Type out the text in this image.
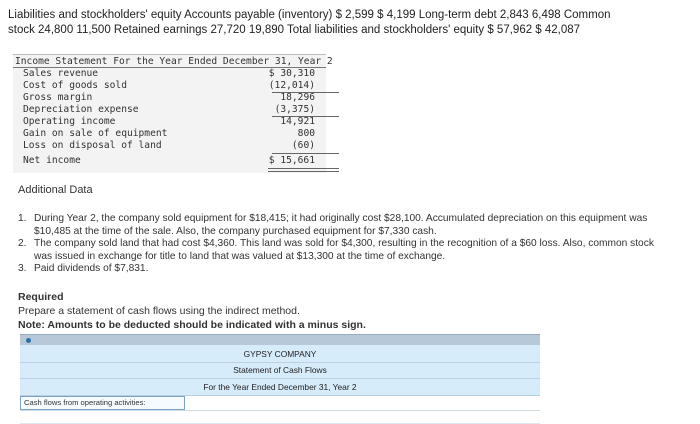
Liabilities and stockholders' equity Accounts payable (inventory) $ 2,599 $ 4,199 Long-term debt 2,843 6,498 Common
stock 24,800 11,500 Retained earnings 27,720 19,890 Total liabilities and stockholders' equity $ 57,962 $ 42,087
Income Statement For the Year Ended December 31, Year 2
Sales revenue	$ 30,310
Cost of goods sold	(12,014)
Gross margin	18,296
Depreciation expense	(3,375)
Operating income	14,921
Gain on sale of equipment	800
Loss on disposal of land	(60)
Net income	$ 15,661
Additional Data
1. During Year 2, the company sold equipment for $18,415; it had originally cost $28,100. Accumulated depreciation on this equipment was $10,485 at the time of the sale. Also, the company purchased equipment for $7,330 cash.
2. The company sold land that had cost $4,360. This land was sold for $4,300, resulting in the recognition of a $60 loss. Also, common stock was issued in exchange for title to land that was valued at $13,300 at the time of exchange.
3. Paid dividends of $7,831.
Required
Prepare a statement of cash flows using the indirect method.
Note: Amounts to be deducted should be indicated with a minus sign.
GYPSY COMPANY
Statement of Cash Flows
For the Year Ended December 31, Year 2
Cash flows from operating activities:
